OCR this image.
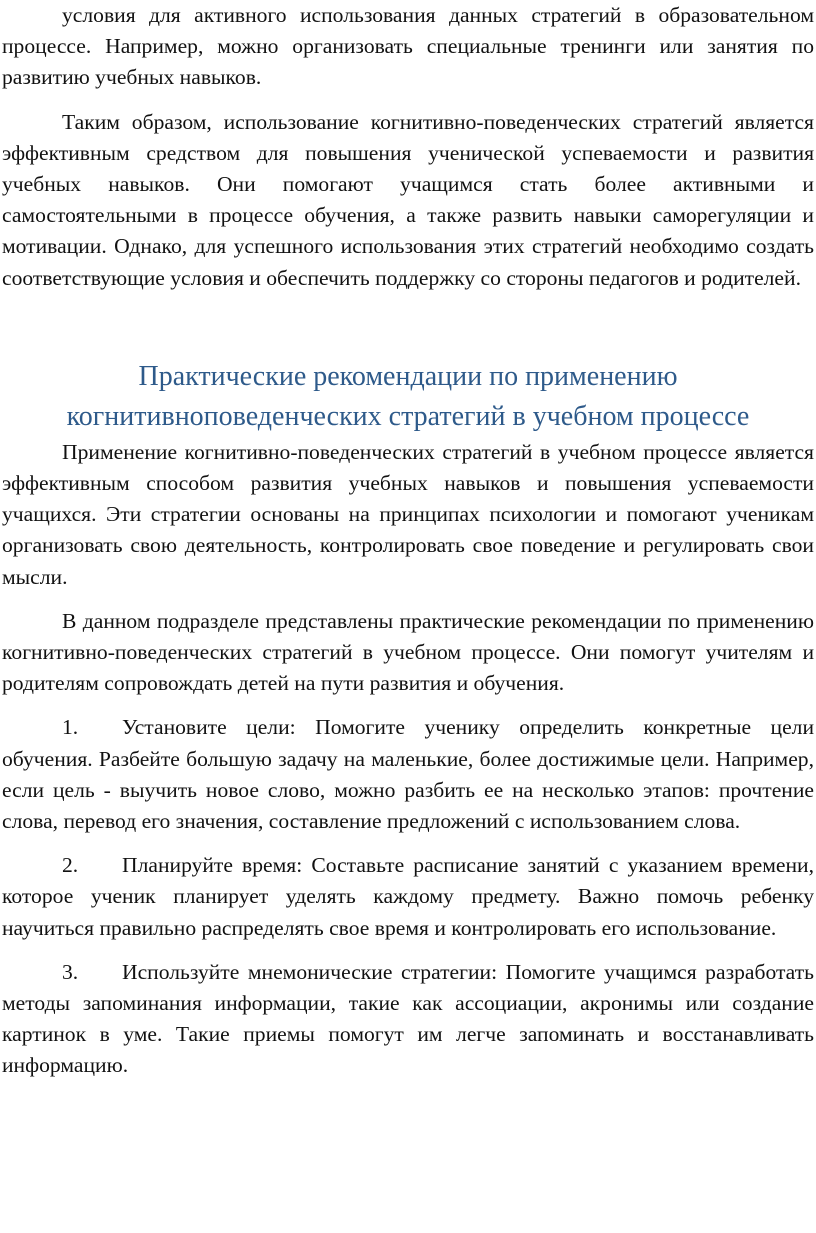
условия для активного использования данных стратегий в образовательном процессе. Например, можно организовать специальные тренинги или занятия по развитию учебных навыков.

Таким образом, использование когнитивно-поведенческих стратегий является эффективным средством для повышения ученической успеваемости и развития учебных навыков. Они помогают учащимся стать более активными и самостоятельными в процессе обучения, а также развить навыки саморегуляции и мотивации. Однако, для успешного использования этих стратегий необходимо создать соответствующие условия и обеспечить поддержку со стороны педагогов и родителей.

Практические рекомендации по применению
когнитивноповеденческих стратегий в учебном процессе

Применение когнитивно-поведенческих стратегий в учебном процессе является эффективным способом развития учебных навыков и повышения успеваемости учащихся. Эти стратегии основаны на принципах психологии и помогают ученикам организовать свою деятельность, контролировать свое поведение и регулировать свои мысли.

В данном подразделе представлены практические рекомендации по применению когнитивно-поведенческих стратегий в учебном процессе. Они помогут учителям и родителям сопровождать детей на пути развития и обучения.

1. Установите цели: Помогите ученику определить конкретные цели обучения. Разбейте большую задачу на маленькие, более достижимые цели. Например, если цель - выучить новое слово, можно разбить ее на несколько этапов: прочтение слова, перевод его значения, составление предложений с использованием слова.

2. Планируйте время: Составьте расписание занятий с указанием времени, которое ученик планирует уделять каждому предмету. Важно помочь ребенку научиться правильно распределять свое время и контролировать его использование.

3. Используйте мнемонические стратегии: Помогите учащимся разработать методы запоминания информации, такие как ассоциации, акронимы или создание картинок в уме. Такие приемы помогут им легче запоминать и восстанавливать информацию.
